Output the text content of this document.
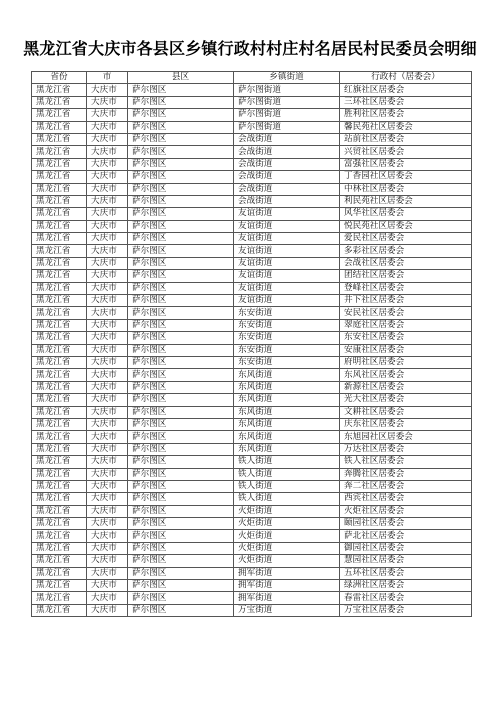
黑龙江省大庆市各县区乡镇行政村村庄村名居民村民委员会明细
省份	市	县区	乡镇街道	行政村（居委会）
黑龙江省	大庆市	萨尔图区	萨尔图街道	红旗社区居委会
黑龙江省	大庆市	萨尔图区	萨尔图街道	三环社区居委会
黑龙江省	大庆市	萨尔图区	萨尔图街道	胜利社区居委会
黑龙江省	大庆市	萨尔图区	萨尔图街道	馨民苑社区居委会
黑龙江省	大庆市	萨尔图区	会战街道	站前社区居委会
黑龙江省	大庆市	萨尔图区	会战街道	兴贸社区居委会
黑龙江省	大庆市	萨尔图区	会战街道	富强社区居委会
黑龙江省	大庆市	萨尔图区	会战街道	丁香园社区居委会
黑龙江省	大庆市	萨尔图区	会战街道	中林社区居委会
黑龙江省	大庆市	萨尔图区	会战街道	利民苑社区居委会
黑龙江省	大庆市	萨尔图区	友谊街道	风华社区居委会
黑龙江省	大庆市	萨尔图区	友谊街道	悦民苑社区居委会
黑龙江省	大庆市	萨尔图区	友谊街道	爱民社区居委会
黑龙江省	大庆市	萨尔图区	友谊街道	多彩社区居委会
黑龙江省	大庆市	萨尔图区	友谊街道	会战社区居委会
黑龙江省	大庆市	萨尔图区	友谊街道	团结社区居委会
黑龙江省	大庆市	萨尔图区	友谊街道	登峰社区居委会
黑龙江省	大庆市	萨尔图区	友谊街道	井下社区居委会
黑龙江省	大庆市	萨尔图区	东安街道	安民社区居委会
黑龙江省	大庆市	萨尔图区	东安街道	翠庭社区居委会
黑龙江省	大庆市	萨尔图区	东安街道	东安社区居委会
黑龙江省	大庆市	萨尔图区	东安街道	安康社区居委会
黑龙江省	大庆市	萨尔图区	东安街道	府明社区居委会
黑龙江省	大庆市	萨尔图区	东风街道	东风社区居委会
黑龙江省	大庆市	萨尔图区	东风街道	新源社区居委会
黑龙江省	大庆市	萨尔图区	东风街道	光大社区居委会
黑龙江省	大庆市	萨尔图区	东风街道	文耕社区居委会
黑龙江省	大庆市	萨尔图区	东风街道	庆东社区居委会
黑龙江省	大庆市	萨尔图区	东风街道	东旭园社区居委会
黑龙江省	大庆市	萨尔图区	东风街道	万达社区居委会
黑龙江省	大庆市	萨尔图区	铁人街道	铁人社区居委会
黑龙江省	大庆市	萨尔图区	铁人街道	奔腾社区居委会
黑龙江省	大庆市	萨尔图区	铁人街道	奔二社区居委会
黑龙江省	大庆市	萨尔图区	铁人街道	西宾社区居委会
黑龙江省	大庆市	萨尔图区	火炬街道	火炬社区居委会
黑龙江省	大庆市	萨尔图区	火炬街道	颐园社区居委会
黑龙江省	大庆市	萨尔图区	火炬街道	萨北社区居委会
黑龙江省	大庆市	萨尔图区	火炬街道	御园社区居委会
黑龙江省	大庆市	萨尔图区	火炬街道	慧园社区居委会
黑龙江省	大庆市	萨尔图区	拥军街道	五环社区居委会
黑龙江省	大庆市	萨尔图区	拥军街道	绿洲社区居委会
黑龙江省	大庆市	萨尔图区	拥军街道	春雷社区居委会
黑龙江省	大庆市	萨尔图区	万宝街道	万宝社区居委会
